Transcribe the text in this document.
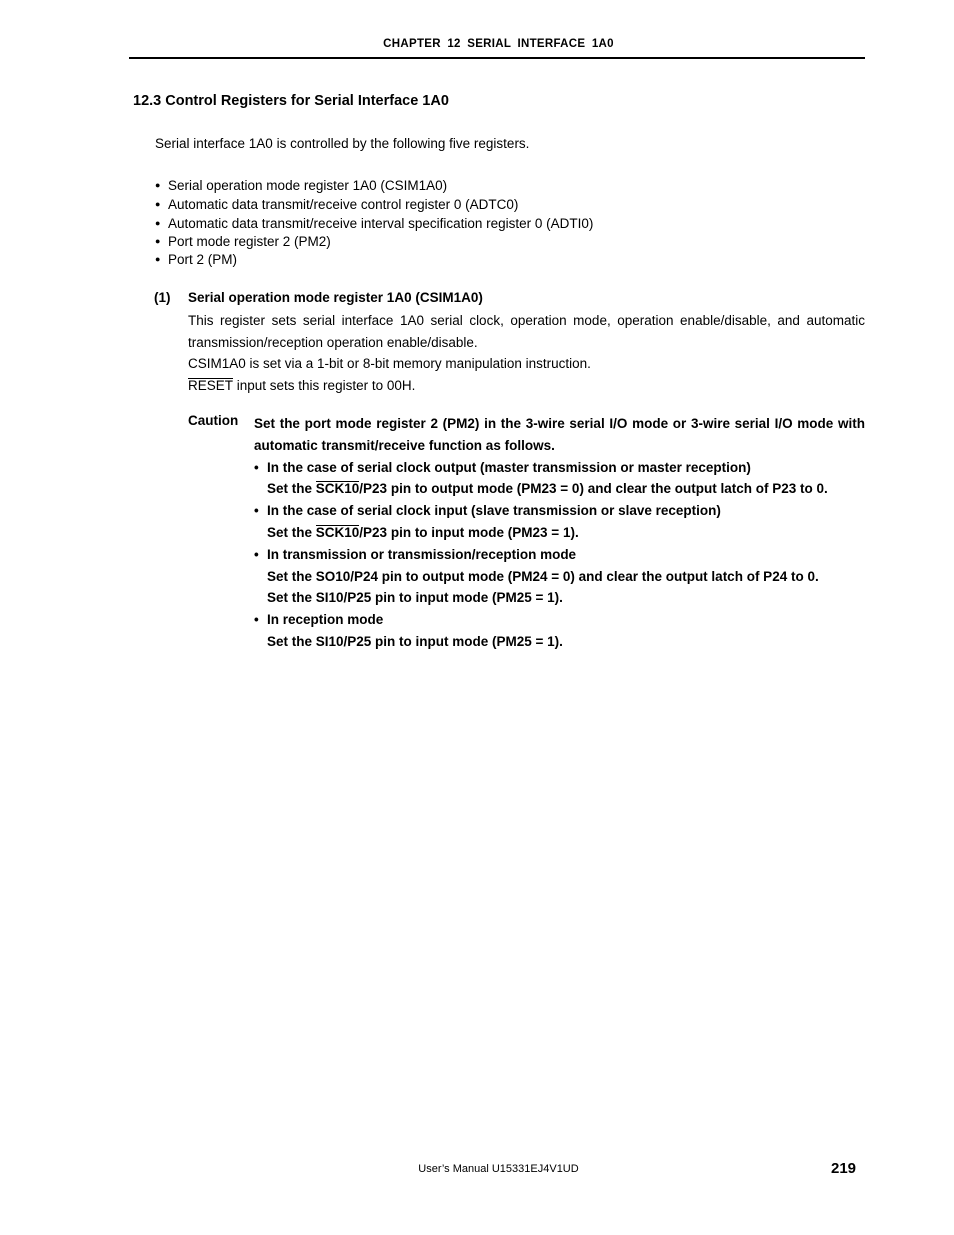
CHAPTER 12 SERIAL INTERFACE 1A0
12.3 Control Registers for Serial Interface 1A0
Serial interface 1A0 is controlled by the following five registers.
● Serial operation mode register 1A0 (CSIM1A0)
● Automatic data transmit/receive control register 0 (ADTC0)
● Automatic data transmit/receive interval specification register 0 (ADTI0)
● Port mode register 2 (PM2)
● Port 2 (PM)
(1) Serial operation mode register 1A0 (CSIM1A0)
This register sets serial interface 1A0 serial clock, operation mode, operation enable/disable, and automatic transmission/reception operation enable/disable.
CSIM1A0 is set via a 1-bit or 8-bit memory manipulation instruction.
RESET input sets this register to 00H.
Caution Set the port mode register 2 (PM2) in the 3-wire serial I/O mode or 3-wire serial I/O mode with automatic transmit/receive function as follows.
• In the case of serial clock output (master transmission or master reception)
Set the SCK10/P23 pin to output mode (PM23 = 0) and clear the output latch of P23 to 0.
• In the case of serial clock input (slave transmission or slave reception)
Set the SCK10/P23 pin to input mode (PM23 = 1).
• In transmission or transmission/reception mode
Set the SO10/P24 pin to output mode (PM24 = 0) and clear the output latch of P24 to 0.
Set the SI10/P25 pin to input mode (PM25 = 1).
• In reception mode
Set the SI10/P25 pin to input mode (PM25 = 1).
User’s Manual U15331EJ4V1UD	219
